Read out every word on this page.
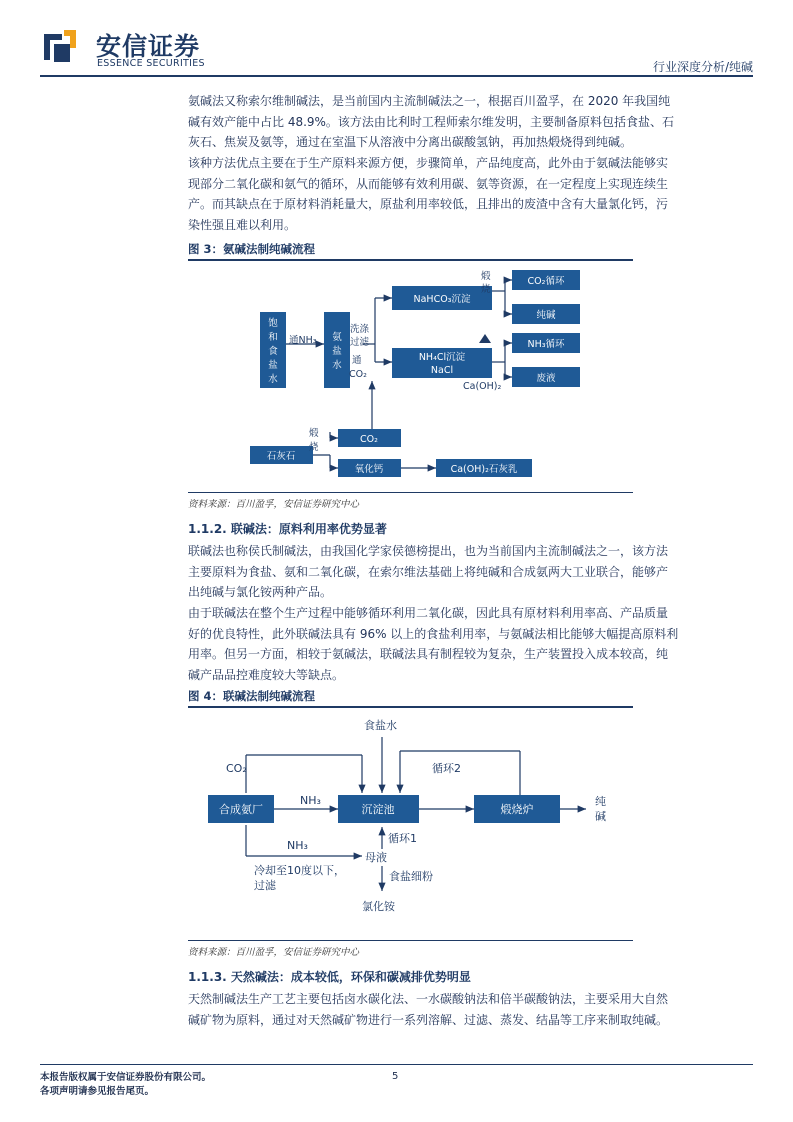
安信证券
ESSENCE SECURITIES	行业深度分析/纯碱
氨碱法又称索尔维制碱法，是当前国内主流制碱法之一，根据百川盈孚，在 2020 年我国纯
碱有效产能中占比 48.9%。该方法由比利时工程师索尔维发明，主要制备原料包括食盐、石
灰石、焦炭及氨等，通过在室温下从溶液中分离出碳酸氢钠，再加热煅烧得到纯碱。
该种方法优点主要在于生产原料来源方便，步骤简单，产品纯度高，此外由于氨碱法能够实
现部分二氧化碳和氨气的循环，从而能够有效利用碳、氨等资源，在一定程度上实现连续生
产。而其缺点在于原材料消耗量大，原盐利用率较低，且排出的废渣中含有大量氯化钙，污
染性强且难以利用。
图 3：氨碱法制纯碱流程
饱
和
食
盐
水
氨
盐
水
NaHCO₃沉淀
CO₂循环
纯碱
NH₄Cl沉淀
NaCl
NH₃循环
废液
石灰石
CO₂
氧化钙	Ca(OH)₂石灰乳
煅
烧
洗涤
过滤
通NH₃
通
CO₂
Ca(OH)₂
煅
烧
资料来源：百川盈孚，安信证券研究中心
1.1.2. 联碱法：原料利用率优势显著
联碱法也称侯氏制碱法，由我国化学家侯德榜提出，也为当前国内主流制碱法之一，该方法
主要原料为食盐、氨和二氧化碳，在索尔维法基础上将纯碱和合成氨两大工业联合，能够产
出纯碱与氯化铵两种产品。
由于联碱法在整个生产过程中能够循环利用二氧化碳，因此具有原材料利用率高、产品质量
好的优良特性，此外联碱法具有 96% 以上的食盐利用率，与氨碱法相比能够大幅提高原料利
用率。但另一方面，相较于氨碱法，联碱法具有制程较为复杂，生产装置投入成本较高，纯
碱产品品控难度较大等缺点。
图 4：联碱法制纯碱流程
合成氨厂	沉淀池	煅烧炉
食盐水
CO₂
NH₃
循环2
纯
碱
NH₃
循环1
母液
冷却至10度以下，
过滤
食盐细粉
氯化铵
资料来源：百川盈孚，安信证券研究中心
1.1.3. 天然碱法：成本较低，环保和碳减排优势明显
天然制碱法生产工艺主要包括卤水碳化法、一水碳酸钠法和倍半碳酸钠法，主要采用大自然
碱矿物为原料，通过对天然碱矿物进行一系列溶解、过滤、蒸发、结晶等工序来制取纯碱。
本报告版权属于安信证券股份有限公司。
各项声明请参见报告尾页。
5
